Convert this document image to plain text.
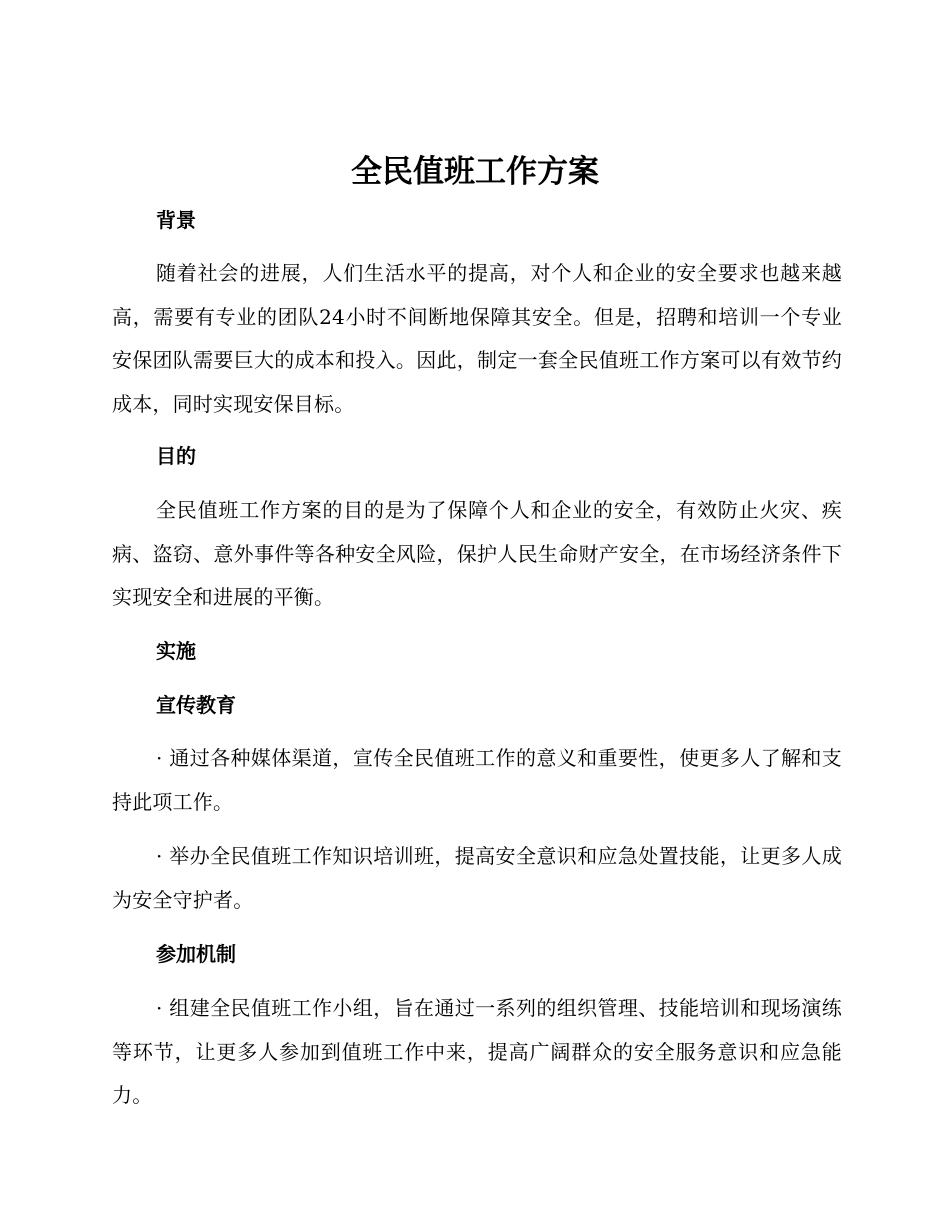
全民值班工作方案
背景

随着社会的进展，人们生活水平的提高，对个人和企业的安全要求也越来越高，需要有专业的团队24小时不间断地保障其安全。但是，招聘和培训一个专业安保团队需要巨大的成本和投入。因此，制定一套全民值班工作方案可以有效节约成本，同时实现安保目标。

目的

全民值班工作方案的目的是为了保障个人和企业的安全，有效防止火灾、疾病、盗窃、意外事件等各种安全风险，保护人民生命财产安全，在市场经济条件下实现安全和进展的平衡。

实施
宣传教育

· 通过各种媒体渠道，宣传全民值班工作的意义和重要性，使更多人了解和支持此项工作。

· 举办全民值班工作知识培训班，提高安全意识和应急处置技能，让更多人成为安全守护者。

参加机制

· 组建全民值班工作小组，旨在通过一系列的组织管理、技能培训和现场演练等环节，让更多人参加到值班工作中来，提高广阔群众的安全服务意识和应急能力。
